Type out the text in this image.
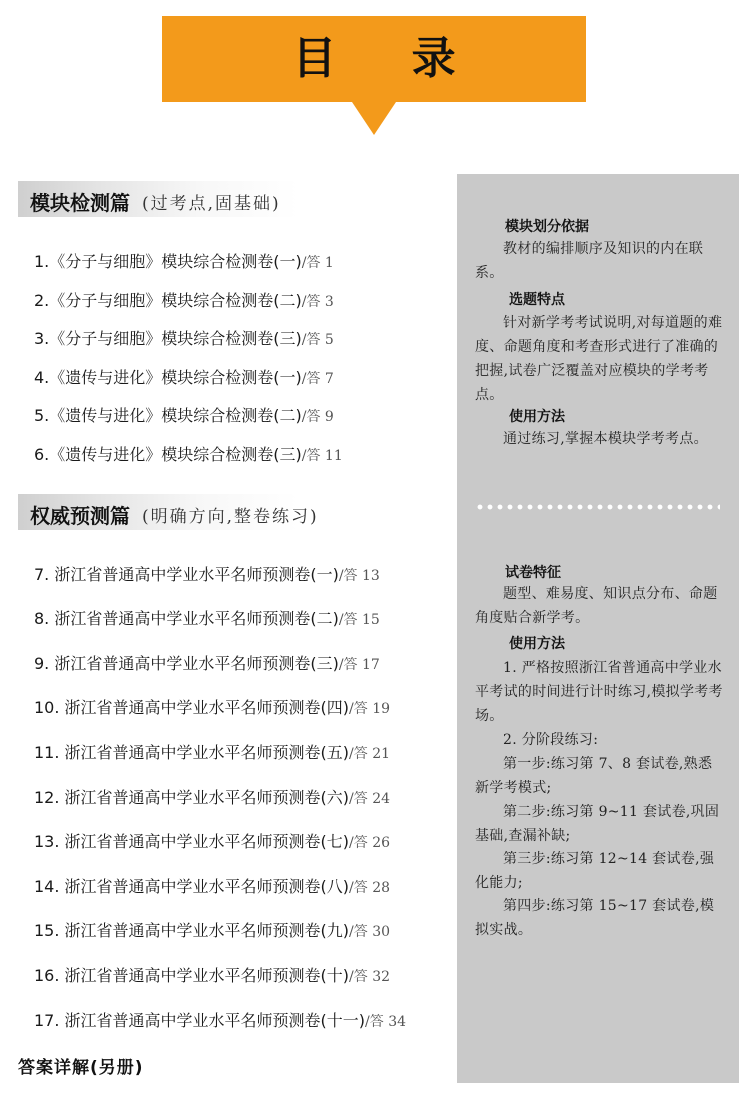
目 录
模块检测篇 (过考点,固基础)
1.《分子与细胞》模块综合检测卷(一)/答 1
2.《分子与细胞》模块综合检测卷(二)/答 3
3.《分子与细胞》模块综合检测卷(三)/答 5
4.《遗传与进化》模块综合检测卷(一)/答 7
5.《遗传与进化》模块综合检测卷(二)/答 9
6.《遗传与进化》模块综合检测卷(三)/答 11
权威预测篇 (明确方向,整卷练习)
7. 浙江省普通高中学业水平名师预测卷(一)/答 13
8. 浙江省普通高中学业水平名师预测卷(二)/答 15
9. 浙江省普通高中学业水平名师预测卷(三)/答 17
10. 浙江省普通高中学业水平名师预测卷(四)/答 19
11. 浙江省普通高中学业水平名师预测卷(五)/答 21
12. 浙江省普通高中学业水平名师预测卷(六)/答 24
13. 浙江省普通高中学业水平名师预测卷(七)/答 26
14. 浙江省普通高中学业水平名师预测卷(八)/答 28
15. 浙江省普通高中学业水平名师预测卷(九)/答 30
16. 浙江省普通高中学业水平名师预测卷(十)/答 32
17. 浙江省普通高中学业水平名师预测卷(十一)/答 34
答案详解(另册)
模块划分依据
教材的编排顺序及知识的内在联系。
选题特点
针对新学考考试说明,对每道题的难度、命题角度和考查形式进行了准确的把握,试卷广泛覆盖对应模块的学考考点。
使用方法
通过练习,掌握本模块学考考点。
试卷特征
题型、难易度、知识点分布、命题角度贴合新学考。
使用方法
1. 严格按照浙江省普通高中学业水平考试的时间进行计时练习,模拟学考考场。
2. 分阶段练习:
第一步:练习第 7、8 套试卷,熟悉新学考模式;
第二步:练习第 9~11 套试卷,巩固基础,查漏补缺;
第三步:练习第 12~14 套试卷,强化能力;
第四步:练习第 15~17 套试卷,模拟实战。
